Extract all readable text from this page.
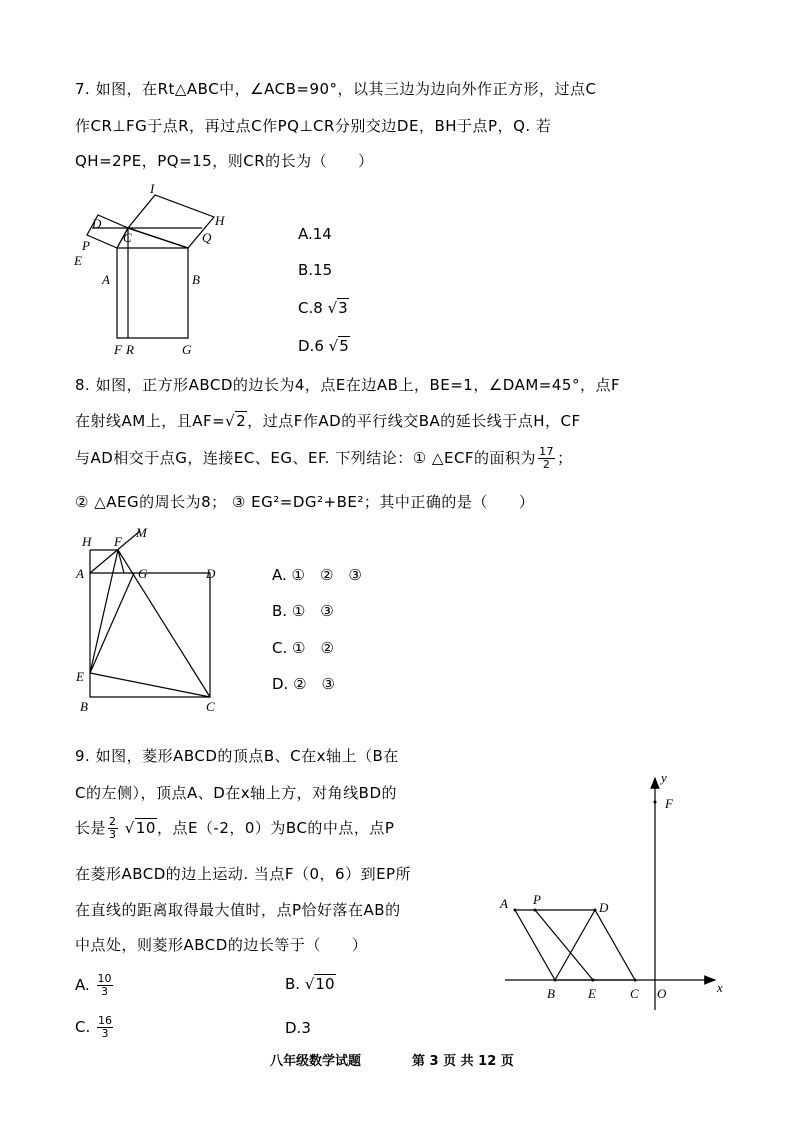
7. 如图，在Rt△ABC中，∠ACB=90°，以其三边为边向外作正方形，过点C
作CR⊥FG于点R，再过点C作PQ⊥CR分别交边DE，BH于点P，Q. 若
QH=2PE，PQ=15，则CR的长为（　　）
I
H
D
C	Q
P
E
A	B
F R	G
A.14
B.15
C.8 √3
D.6 √5
8. 如图，正方形ABCD的边长为4，点E在边AB上，BE=1，∠DAM=45°，点F
在射线AM上，且AF=√2，过点F作AD的平行线交BA的延长线于点H，CF
与AD相交于点G，连接EC、EG、EF. 下列结论：① △ECF的面积为 $\frac{17}{2}$ ；
② △AEG的周长为8； ③ EG²=DG²+BE²；其中正确的是（　　）
H F
M
A	G	D
E
B	C
A. ①　②　③
B. ①　③
C. ①　②
D. ②　③
9. 如图，菱形ABCD的顶点B、C在x轴上（B在
C的左侧），顶点A、D在x轴上方，对角线BD的
长是 $\frac{2}{3} √10$，点E（-2，0）为BC的中点，点P
在菱形ABCD的边上运动. 当点F（0，6）到EP所
在直线的距离取得最大值时，点P恰好落在AB的
中点处，则菱形ABCD的边长等于（　　）
A. $\frac{10}{3}$	B. √10
C. $\frac{16}{3}$	D.3
y
F
A P
D
B	E	C O	x
八年级数学试题	第 3 页 共 12 页
